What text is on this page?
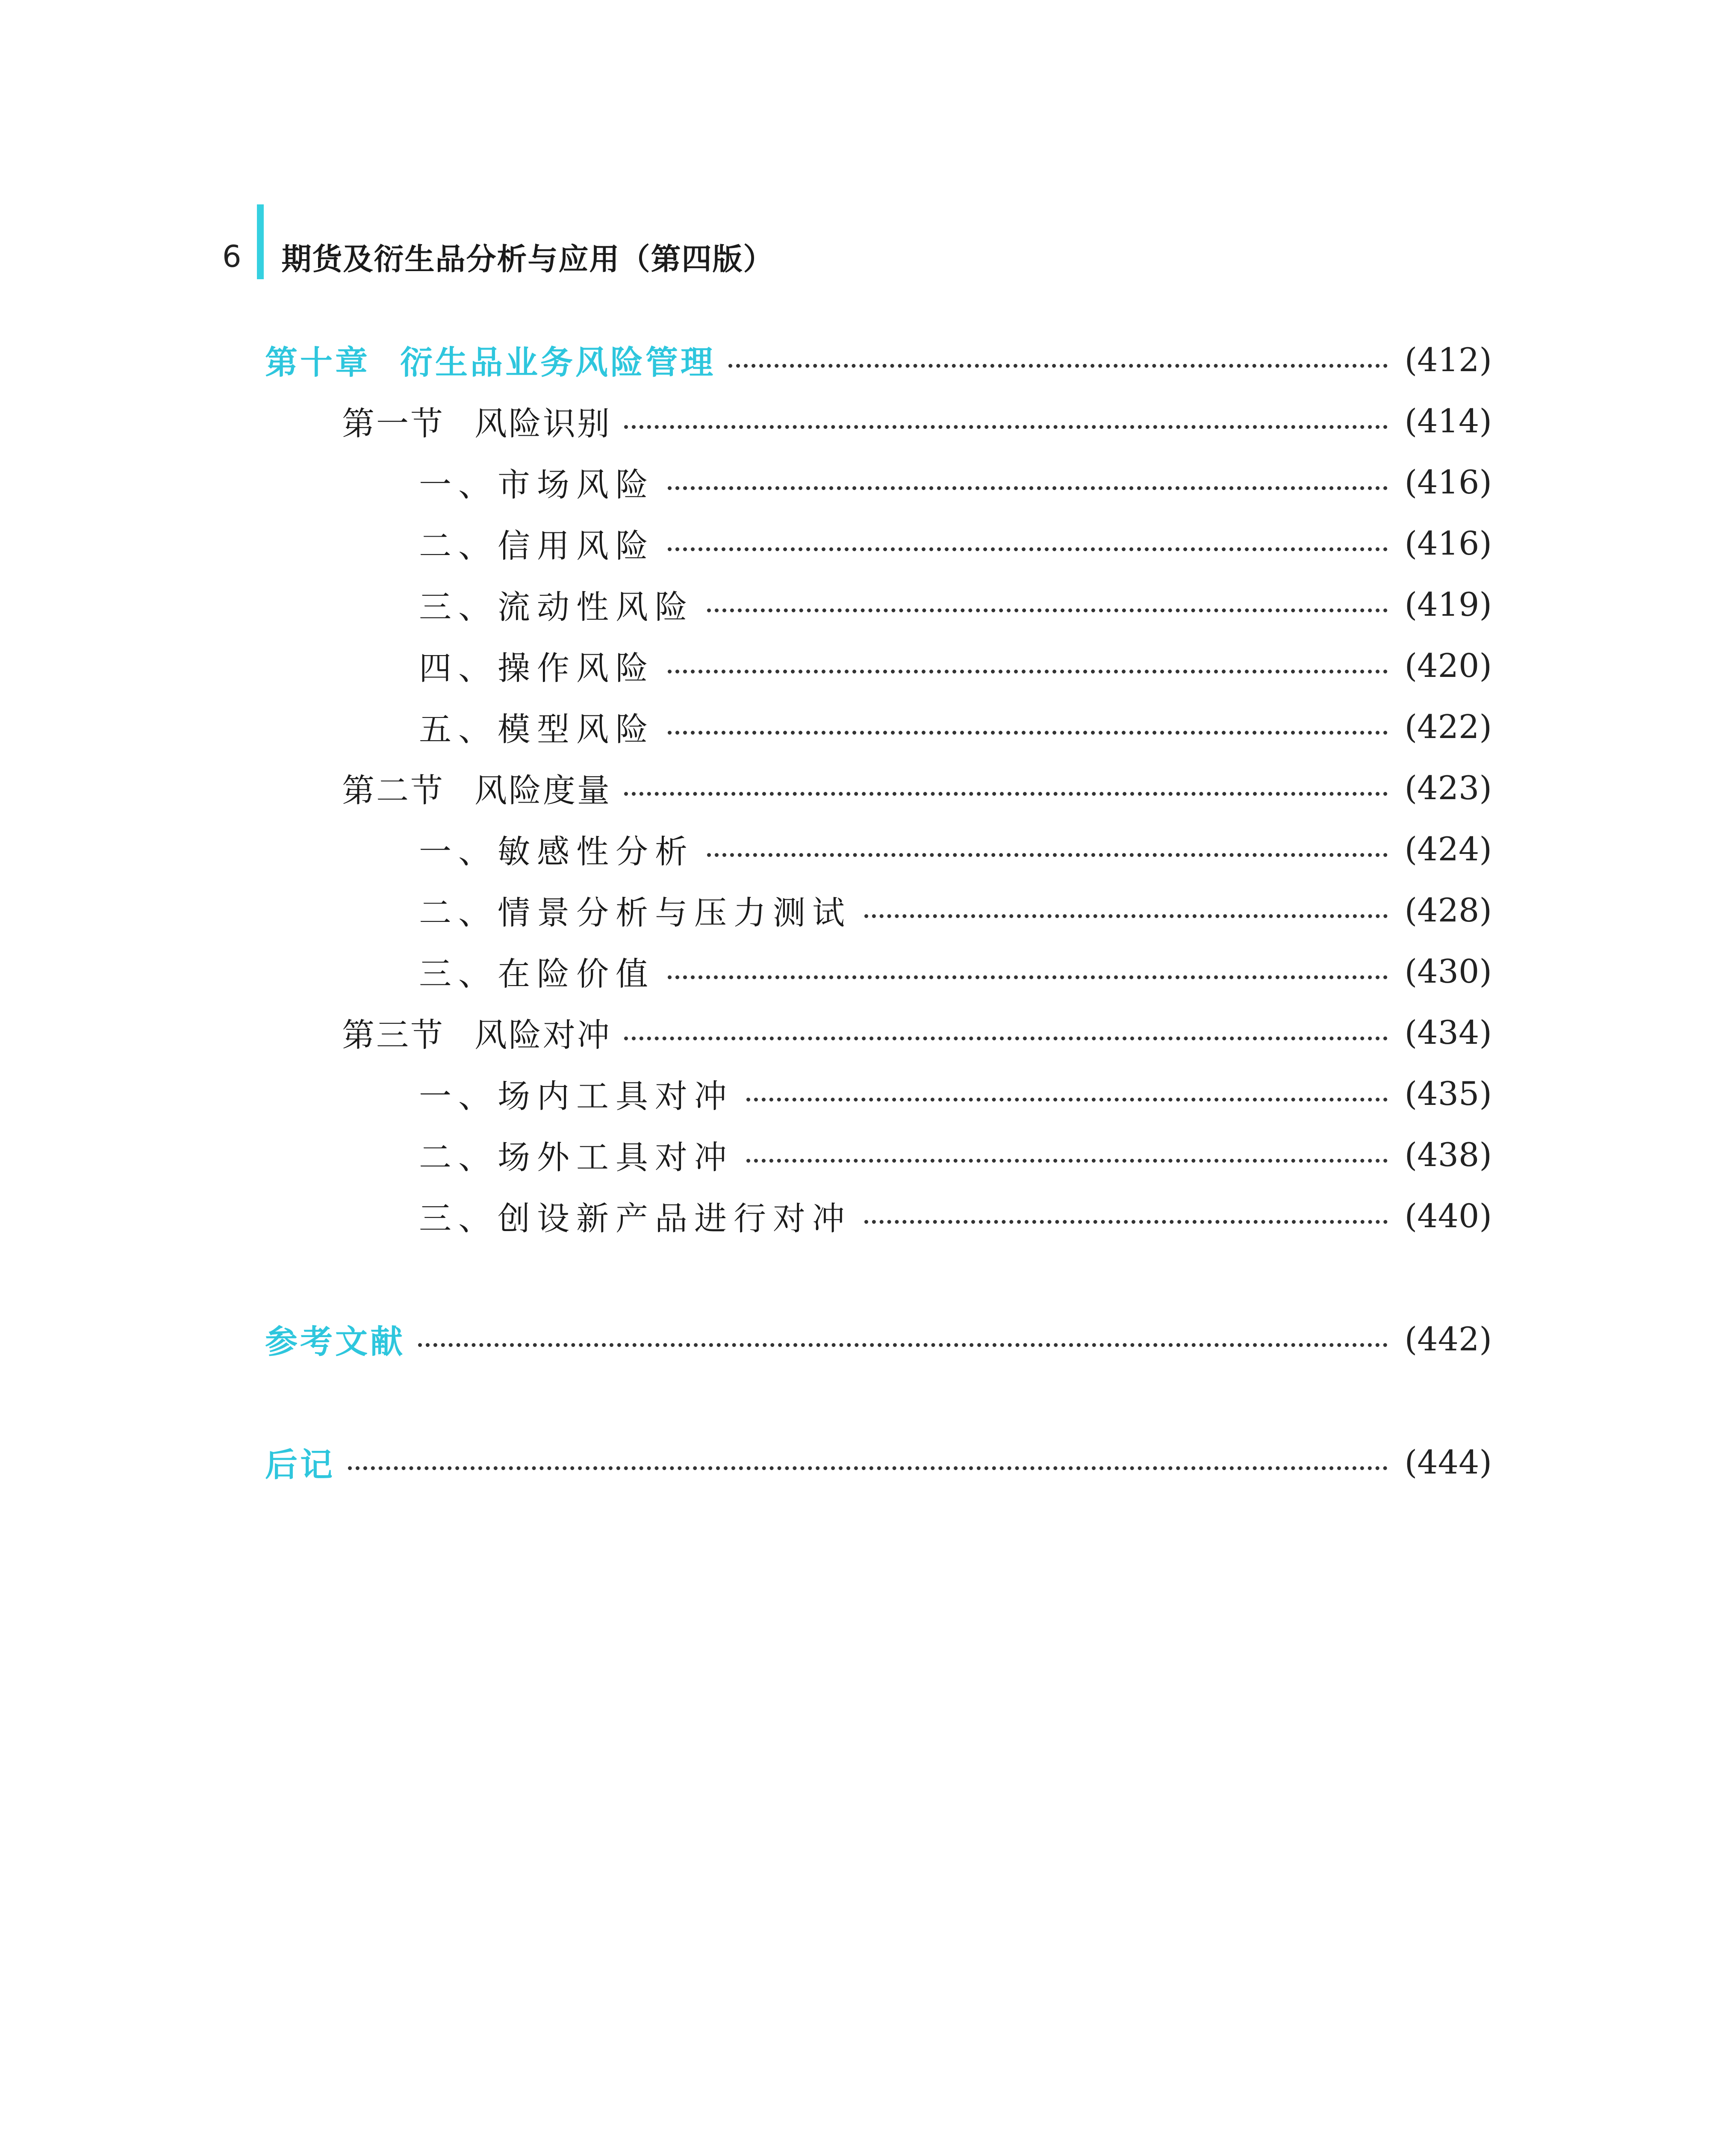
6 期货及衍生品分析与应用（第四版）
第十章 衍生品业务风险管理	(412)
第一节 风险识别	(414)
一、市场风险	(416)
二、信用风险	(416)
三、流动性风险	(419)
四、操作风险	(420)
五、模型风险	(422)
第二节 风险度量	(423)
一、敏感性分析	(424)
二、情景分析与压力测试	(428)
三、在险价值	(430)
第三节 风险对冲	(434)
一、场内工具对冲	(435)
二、场外工具对冲	(438)
三、创设新产品进行对冲	(440)
参考文献	(442)
后记	(444)
